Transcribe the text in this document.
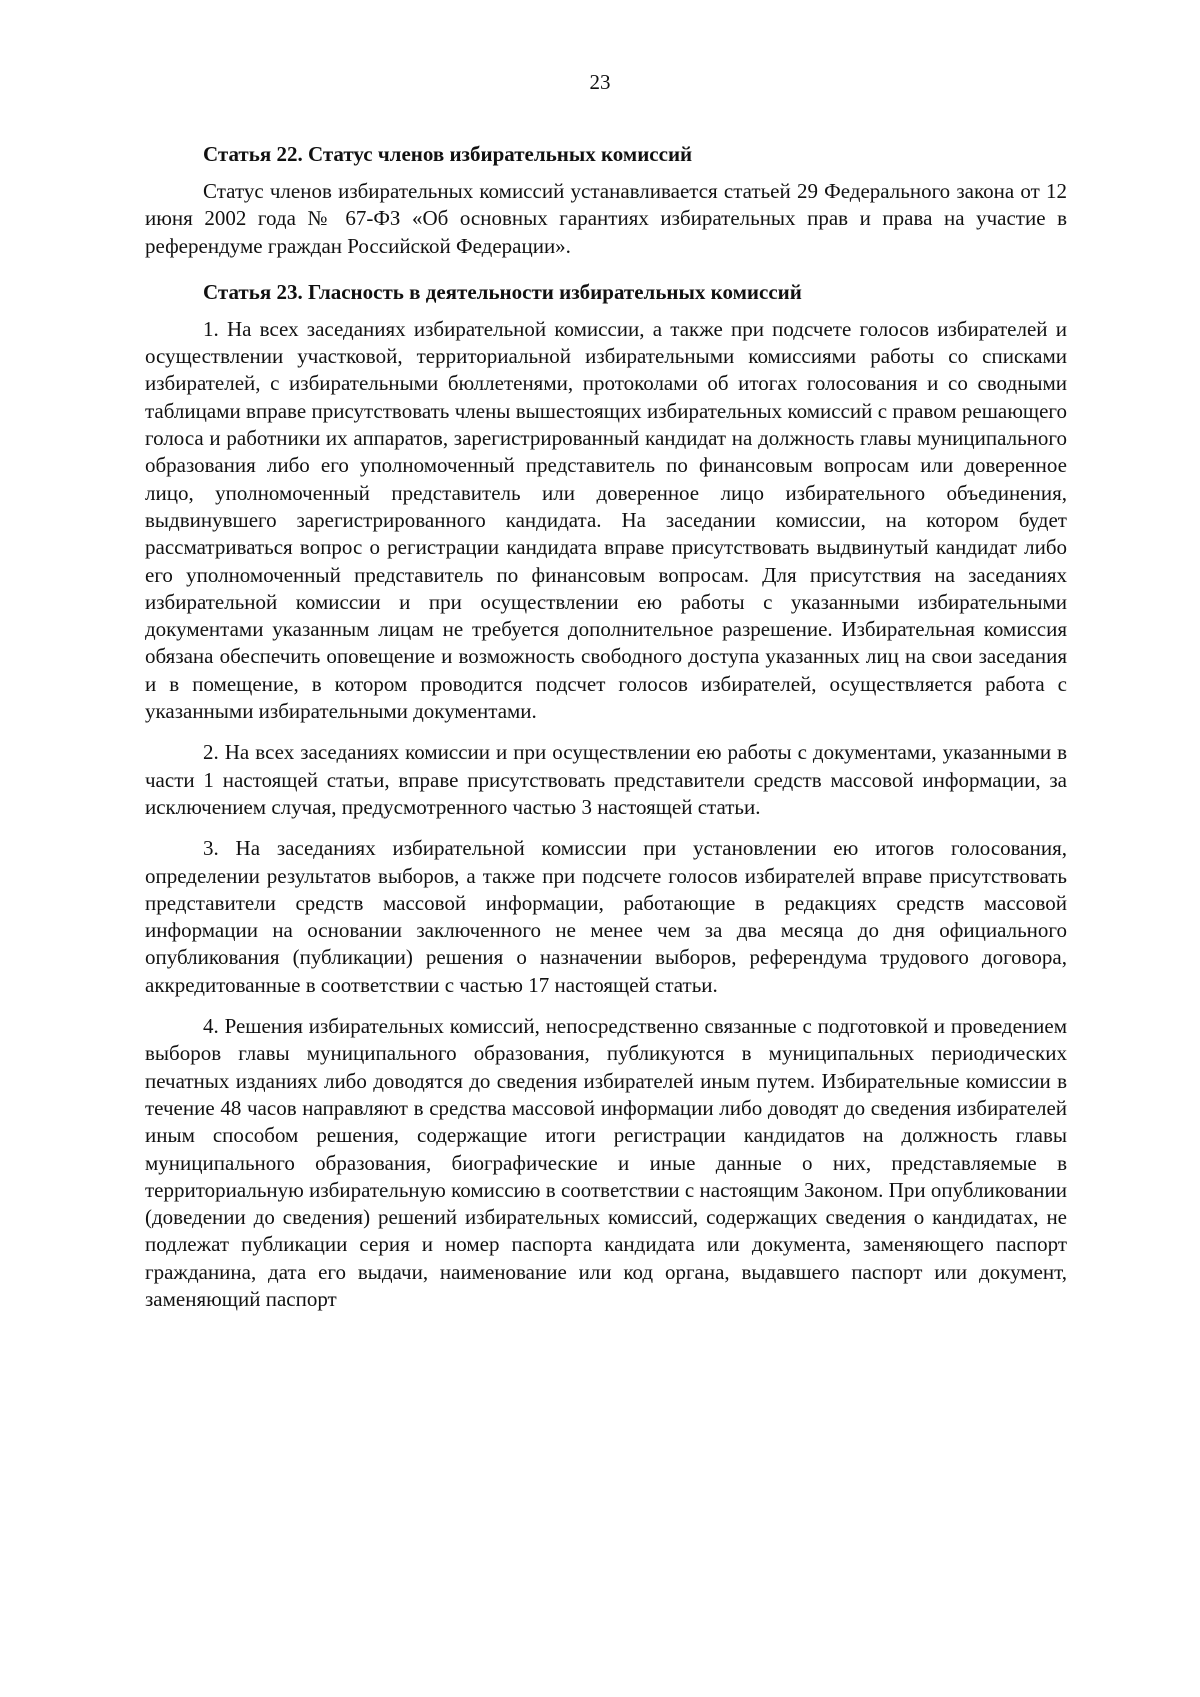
23
Статья 22. Статус членов избирательных комиссий

Статус членов избирательных комиссий устанавливается статьей 29 Федерального закона от 12 июня 2002 года № 67-ФЗ «Об основных гарантиях избирательных прав и права на участие в референдуме граждан Российской Федерации».

Статья 23. Гласность в деятельности избирательных комиссий

1. На всех заседаниях избирательной комиссии, а также при подсчете голосов избирателей и осуществлении участковой, территориальной избирательными комиссиями работы со списками избирателей, с избирательными бюллетенями, протоколами об итогах голосования и со сводными таблицами вправе присутствовать члены вышестоящих избирательных комиссий с правом решающего голоса и работники их аппаратов, зарегистрированный кандидат на должность главы муниципального образования либо его уполномоченный представитель по финансовым вопросам или доверенное лицо, уполномоченный представитель или доверенное лицо избирательного объединения, выдвинувшего зарегистрированного кандидата. На заседании комиссии, на котором будет рассматриваться вопрос о регистрации кандидата вправе присутствовать выдвинутый кандидат либо его уполномоченный представитель по финансовым вопросам. Для присутствия на заседаниях избирательной комиссии и при осуществлении ею работы с указанными избирательными документами указанным лицам не требуется дополнительное разрешение. Избирательная комиссия обязана обеспечить оповещение и возможность свободного доступа указанных лиц на свои заседания и в помещение, в котором проводится подсчет голосов избирателей, осуществляется работа с указанными избирательными документами.

2. На всех заседаниях комиссии и при осуществлении ею работы с документами, указанными в части 1 настоящей статьи, вправе присутствовать представители средств массовой информации, за исключением случая, предусмотренного частью 3 настоящей статьи.

3. На заседаниях избирательной комиссии при установлении ею итогов голосования, определении результатов выборов, а также при подсчете голосов избирателей вправе присутствовать представители средств массовой информации, работающие в редакциях средств массовой информации на основании заключенного не менее чем за два месяца до дня официального опубликования (публикации) решения о назначении выборов, референдума трудового договора, аккредитованные в соответствии с частью 17 настоящей статьи.

4. Решения избирательных комиссий, непосредственно связанные с подготовкой и проведением выборов главы муниципального образования, публикуются в муниципальных периодических печатных изданиях либо доводятся до сведения избирателей иным путем. Избирательные комиссии в течение 48 часов направляют в средства массовой информации либо доводят до сведения избирателей иным способом решения, содержащие итоги регистрации кандидатов на должность главы муниципального образования, биографические и иные данные о них, представляемые в территориальную избирательную комиссию в соответствии с настоящим Законом. При опубликовании (доведении до сведения) решений избирательных комиссий, содержащих сведения о кандидатах, не подлежат публикации серия и номер паспорта кандидата или документа, заменяющего паспорт гражданина, дата его выдачи, наименование или код органа, выдавшего паспорт или документ, заменяющий паспорт
